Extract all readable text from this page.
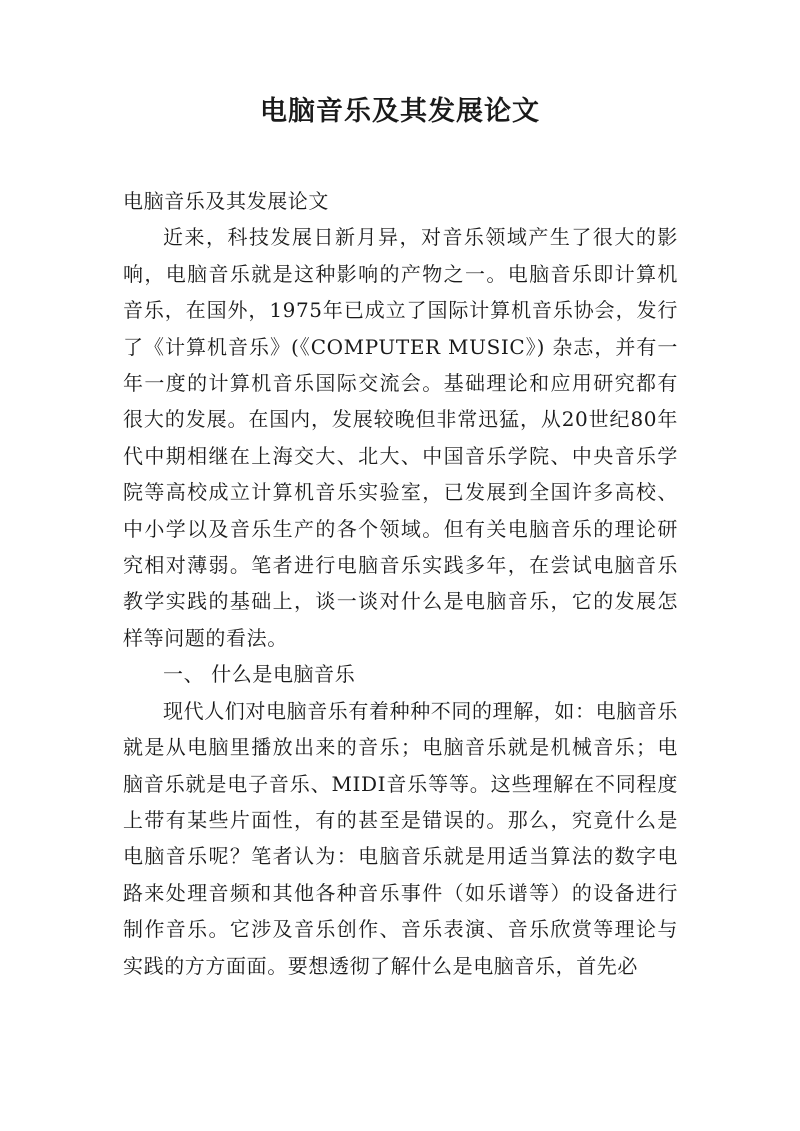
电脑音乐及其发展论文

电脑音乐及其发展论文

近来，科技发展日新月异，对音乐领域产生了很大的影响，电脑音乐就是这种影响的产物之一。电脑音乐即计算机音乐，在国外，1975年已成立了国际计算机音乐协会，发行了《计算机音乐》(《COMPUTER MUSIC》) 杂志，并有一年一度的计算机音乐国际交流会。基础理论和应用研究都有很大的发展。在国内，发展较晚但非常迅猛，从20世纪80年代中期相继在上海交大、北大、中国音乐学院、中央音乐学院等高校成立计算机音乐实验室，已发展到全国许多高校、中小学以及音乐生产的各个领域。但有关电脑音乐的理论研究相对薄弱。笔者进行电脑音乐实践多年，在尝试电脑音乐教学实践的基础上，谈一谈对什么是电脑音乐，它的发展怎样等问题的看法。

一、 什么是电脑音乐

现代人们对电脑音乐有着种种不同的理解，如：电脑音乐就是从电脑里播放出来的音乐；电脑音乐就是机械音乐；电脑音乐就是电子音乐、MIDI音乐等等。这些理解在不同程度上带有某些片面性，有的甚至是错误的。那么，究竟什么是电脑音乐呢？笔者认为：电脑音乐就是用适当算法的数字电路来处理音频和其他各种音乐事件（如乐谱等）的设备进行制作音乐。它涉及音乐创作、音乐表演、音乐欣赏等理论与实践的方方面面。要想透彻了解什么是电脑音乐，首先必
